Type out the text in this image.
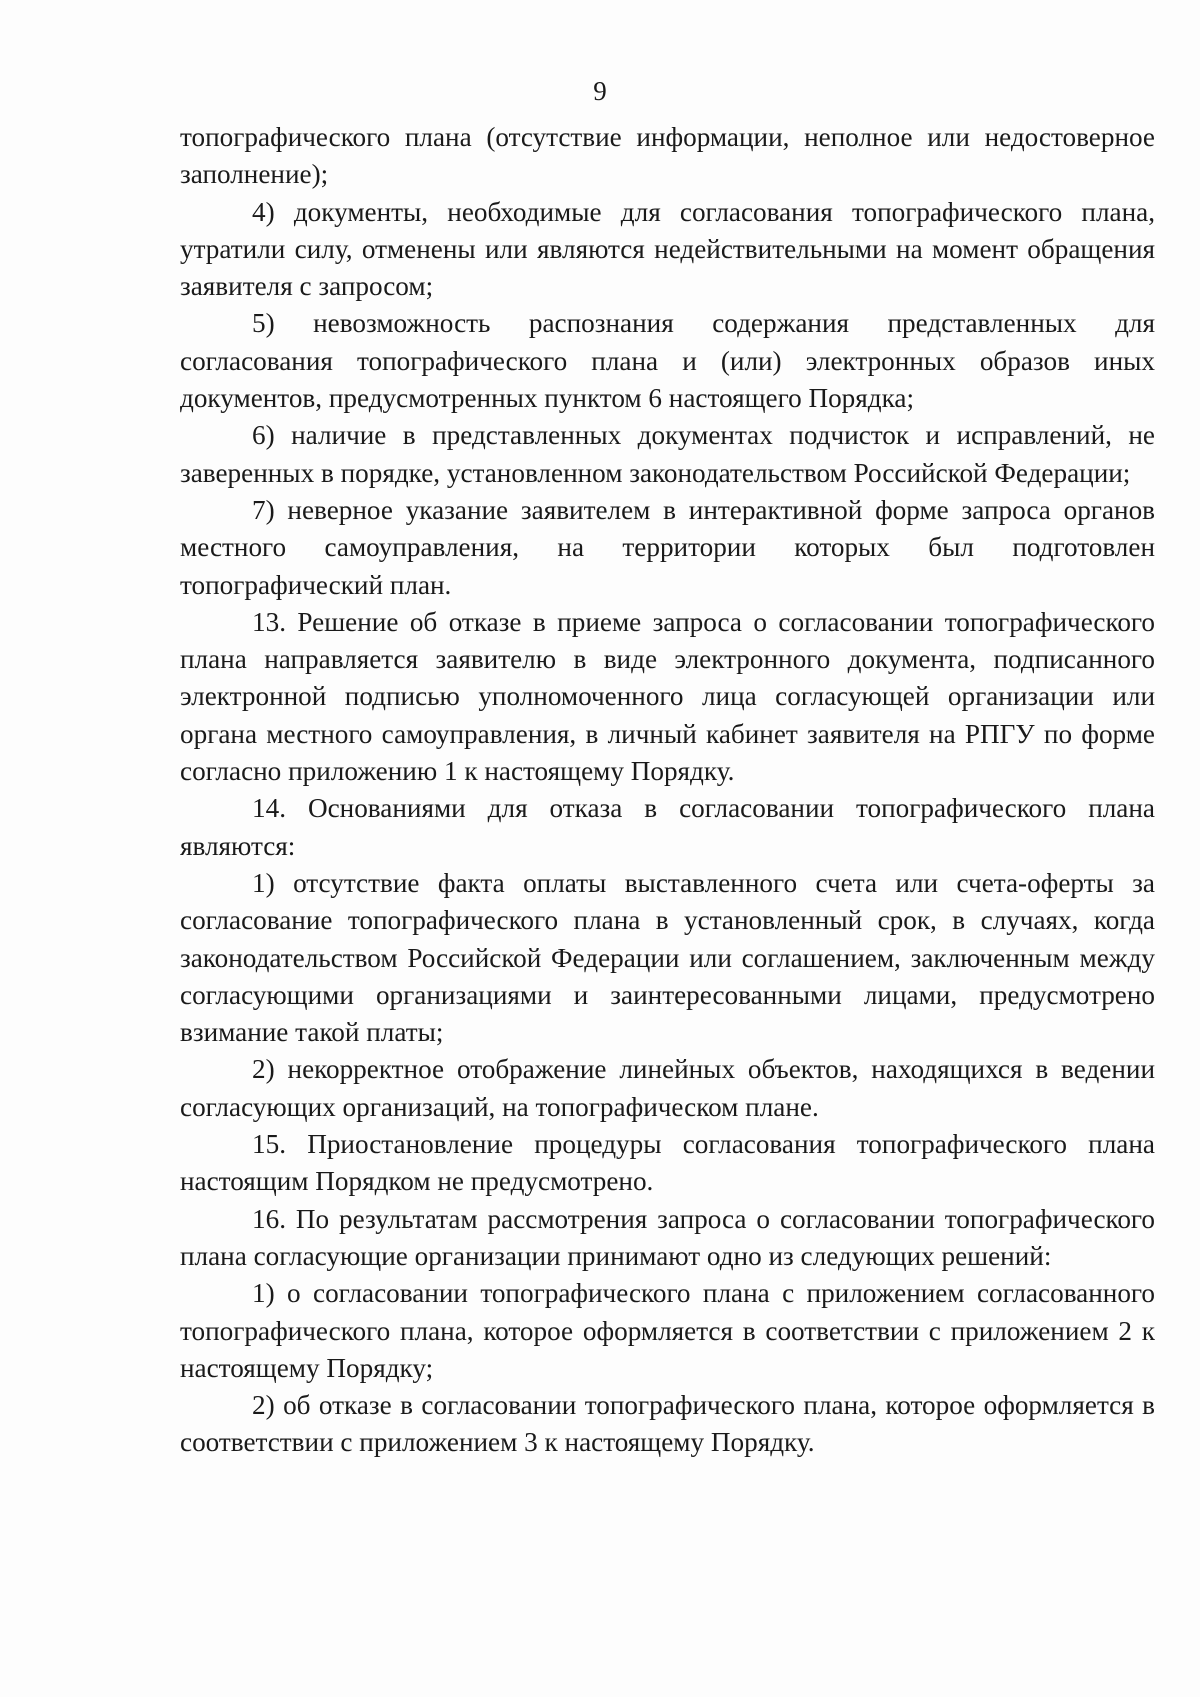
9

топографического плана (отсутствие информации, неполное или недостоверное заполнение);

4) документы, необходимые для согласования топографического плана, утратили силу, отменены или являются недействительными на момент обращения заявителя с запросом;

5) невозможность распознания содержания представленных для согласования топографического плана и (или) электронных образов иных документов, предусмотренных пунктом 6 настоящего Порядка;

6) наличие в представленных документах подчисток и исправлений, не заверенных в порядке, установленном законодательством Российской Федерации;

7) неверное указание заявителем в интерактивной форме запроса органов местного самоуправления, на территории которых был подготовлен топографический план.

13. Решение об отказе в приеме запроса о согласовании топографического плана направляется заявителю в виде электронного документа, подписанного электронной подписью уполномоченного лица согласующей организации или органа местного самоуправления, в личный кабинет заявителя на РПГУ по форме согласно приложению 1 к настоящему Порядку.

14. Основаниями для отказа в согласовании топографического плана являются:

1) отсутствие факта оплаты выставленного счета или счета-оферты за согласование топографического плана в установленный срок, в случаях, когда законодательством Российской Федерации или соглашением, заключенным между согласующими организациями и заинтересованными лицами, предусмотрено взимание такой платы;

2) некорректное отображение линейных объектов, находящихся в ведении согласующих организаций, на топографическом плане.

15. Приостановление процедуры согласования топографического плана настоящим Порядком не предусмотрено.

16. По результатам рассмотрения запроса о согласовании топографического плана согласующие организации принимают одно из следующих решений:

1) о согласовании топографического плана с приложением согласованного топографического плана, которое оформляется в соответствии с приложением 2 к настоящему Порядку;

2) об отказе в согласовании топографического плана, которое оформляется в соответствии с приложением 3 к настоящему Порядку.
